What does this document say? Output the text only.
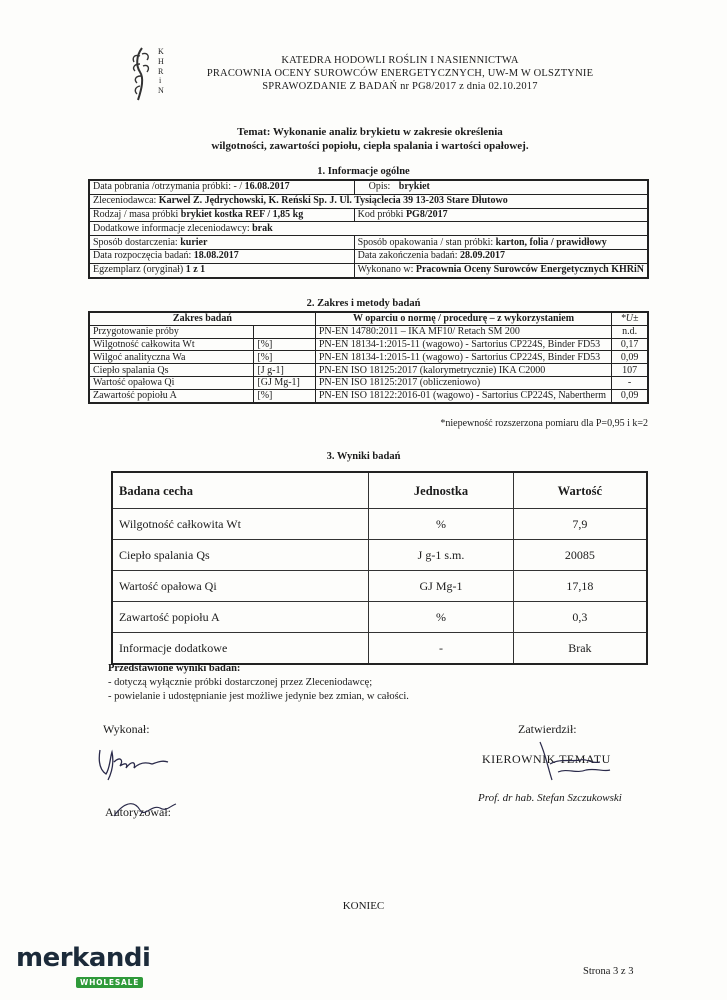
K
H
R
i
N
KATEDRA HODOWLI ROŚLIN I NASIENNICTWA
PRACOWNIA OCENY SUROWCÓW ENERGETYCZNYCH, UW-M W OLSZTYNIE
SPRAWOZDANIE Z BADAŃ nr PG8/2017 z dnia 02.10.2017
Temat: Wykonanie analiz brykietu w zakresie określenia
wilgotności, zawartości popiołu, ciepła spalania i wartości opałowej.
1. Informacje ogólne
Data pobrania /otrzymania próbki: - / 16.08.2017	Opis: brykiet
Zleceniodawca: Karwel Z. Jędrychowski, K. Reński Sp. J. Ul. Tysiąclecia 39 13-203 Stare Dłutowo	
Rodzaj / masa próbki brykiet kostka REF / 1,85 kg	Kod próbki PG8/2017
Dodatkowe informacje zleceniodawcy: brak	
Sposób dostarczenia: kurier	Sposób opakowania / stan próbki: karton, folia / prawidłowy
Data rozpoczęcia badań: 18.08.2017	Data zakończenia badań: 28.09.2017
Egzemplarz (oryginał) 1 z 1	Wykonano w: Pracownia Oceny Surowców Energetycznych KHRiN
2. Zakres i metody badań
Zakres badań		W oparciu o normę / procedurę – z wykorzystaniem	*U±
Przygotowanie próby		PN-EN 14780:2011 – IKA MF10/ Retach SM 200	n.d.
Wilgotność całkowita Wt	[%]	PN-EN 18134-1:2015-11 (wagowo) - Sartorius CP224S, Binder FD53	0,17
Wilgoć analityczna Wa	[%]	PN-EN 18134-1:2015-11 (wagowo) - Sartorius CP224S, Binder FD53	0,09
Ciepło spalania Qs	[J g-1]	PN-EN ISO 18125:2017 (kalorymetrycznie) IKA C2000	107
Wartość opałowa Qi	[GJ Mg-1]	PN-EN ISO 18125:2017 (obliczeniowo)	-
Zawartość popiołu A	[%]	PN-EN ISO 18122:2016-01 (wagowo) - Sartorius CP224S, Nabertherm	0,09
*niepewność rozszerzona pomiaru dla P=0,95 i k=2
3. Wyniki badań
Badana cecha	Jednostka	Wartość
Wilgotność całkowita Wt	%	7,9
Ciepło spalania Qs	J g-1 s.m.	20085
Wartość opałowa Qi	GJ Mg-1	17,18
Zawartość popiołu A	%	0,3
Informacje dodatkowe	-	Brak
Przedstawione wyniki badań:
- dotyczą wyłącznie próbki dostarczonej przez Zleceniodawcę;
- powielanie i udostępnianie jest możliwe jedynie bez zmian, w całości.
Wykonał:	Zatwierdził:
KIEROWNIK TEMATU
Prof. dr hab. Stefan Szczukowski
Autoryzował:
KONIEC
Strona 3 z 3
merkandi
WHOLESALE
